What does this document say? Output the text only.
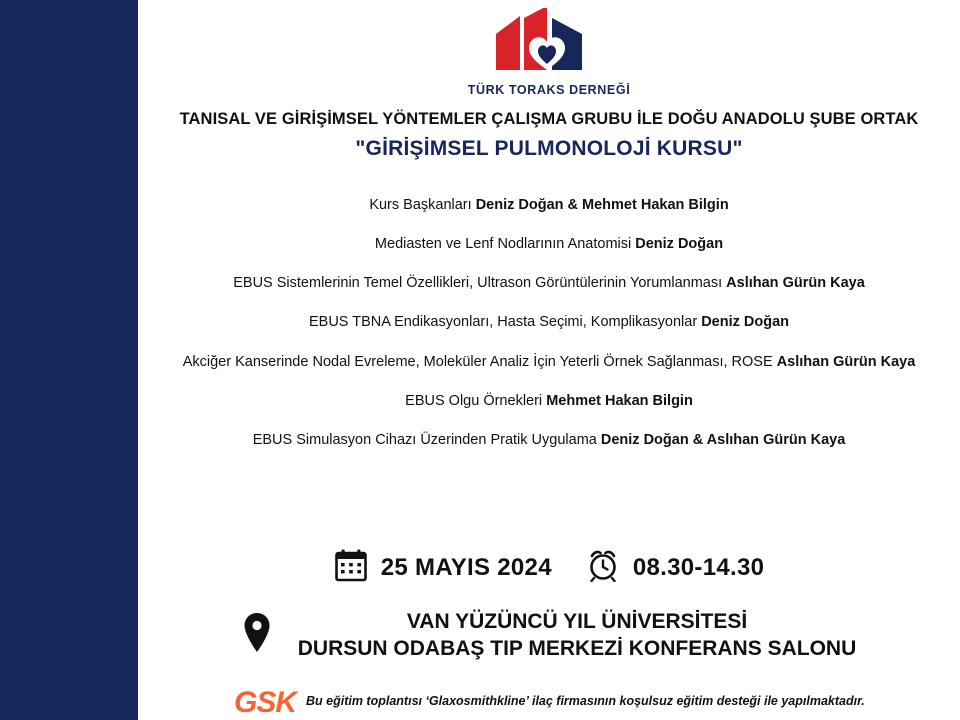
TÜRK TORAKS DERNEĞİ
TANISAL VE GİRİŞİMSEL YÖNTEMLER ÇALIŞMA GRUBU İLE DOĞU ANADOLU ŞUBE ORTAK
"GİRİŞİMSEL PULMONOLOJİ KURSU"
Kurs Başkanları Deniz Doğan & Mehmet Hakan Bilgin
Mediasten ve Lenf Nodlarının Anatomisi Deniz Doğan
EBUS Sistemlerinin Temel Özellikleri, Ultrason Görüntülerinin Yorumlanması Aslıhan Gürün Kaya
EBUS TBNA Endikasyonları, Hasta Seçimi, Komplikasyonlar Deniz Doğan
Akciğer Kanserinde Nodal Evreleme, Moleküler Analiz İçin Yeterli Örnek Sağlanması, ROSE Aslıhan Gürün Kaya
EBUS Olgu Örnekleri Mehmet Hakan Bilgin
EBUS Simulasyon Cihazı Üzerinden Pratik Uygulama Deniz Doğan & Aslıhan Gürün Kaya
25 MAYIS 2024	08.30-14.30
VAN YÜZÜNCÜ YIL ÜNİVERSİTESİ
DURSUN ODABAŞ TIP MERKEZİ KONFERANS SALONU
GSK Bu eğitim toplantısı ‘Glaxosmithkline’ ilaç firmasının koşulsuz eğitim desteği ile yapılmaktadır.
